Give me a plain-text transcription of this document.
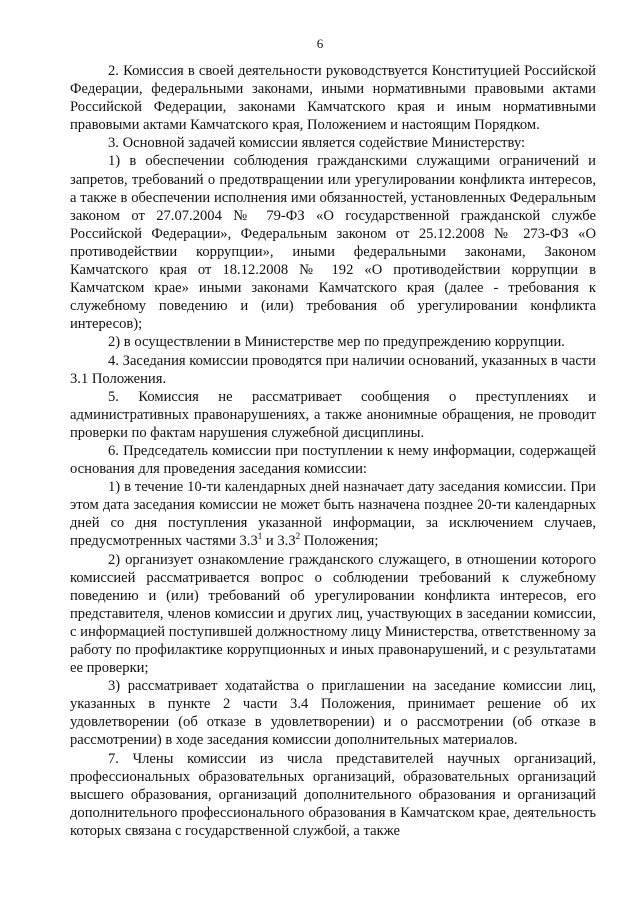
6

2. Комиссия в своей деятельности руководствуется Конституцией Российской Федерации, федеральными законами, иными нормативными правовыми актами Российской Федерации, законами Камчатского края и иным нормативными правовыми актами Камчатского края, Положением и настоящим Порядком.

3. Основной задачей комиссии является содействие Министерству:

1) в обеспечении соблюдения гражданскими служащими ограничений и запретов, требований о предотвращении или урегулировании конфликта интересов, а также в обеспечении исполнения ими обязанностей, установленных Федеральным законом от 27.07.2004 № 79-ФЗ «О государственной гражданской службе Российской Федерации», Федеральным законом от 25.12.2008 № 273-ФЗ «О противодействии коррупции», иными федеральными законами, Законом Камчатского края от 18.12.2008 № 192 «О противодействии коррупции в Камчатском крае» иными законами Камчатского края (далее - требования к служебному поведению и (или) требования об урегулировании конфликта интересов);

2) в осуществлении в Министерстве мер по предупреждению коррупции.

4. Заседания комиссии проводятся при наличии оснований, указанных в части 3.1 Положения.

5. Комиссия не рассматривает сообщения о преступлениях и административных правонарушениях, а также анонимные обращения, не проводит проверки по фактам нарушения служебной дисциплины.

6. Председатель комиссии при поступлении к нему информации, содержащей основания для проведения заседания комиссии:

1) в течение 10-ти календарных дней назначает дату заседания комиссии. При этом дата заседания комиссии не может быть назначена позднее 20-ти календарных дней со дня поступления указанной информации, за исключением случаев, предусмотренных частями $3.3^1$ и $3.3^2$ Положения;

2) организует ознакомление гражданского служащего, в отношении которого комиссией рассматривается вопрос о соблюдении требований к служебному поведению и (или) требований об урегулировании конфликта интересов, его представителя, членов комиссии и других лиц, участвующих в заседании комиссии, с информацией поступившей должностному лицу Министерства, ответственному за работу по профилактике коррупционных и иных правонарушений, и с результатами ее проверки;

3) рассматривает ходатайства о приглашении на заседание комиссии лиц, указанных в пункте 2 части 3.4 Положения, принимает решение об их удовлетворении (об отказе в удовлетворении) и о рассмотрении (об отказе в рассмотрении) в ходе заседания комиссии дополнительных материалов.

7. Члены комиссии из числа представителей научных организаций, профессиональных образовательных организаций, образовательных организаций высшего образования, организаций дополнительного образования и организаций дополнительного профессионального образования в Камчатском крае, деятельность которых связана с государственной службой, а также
